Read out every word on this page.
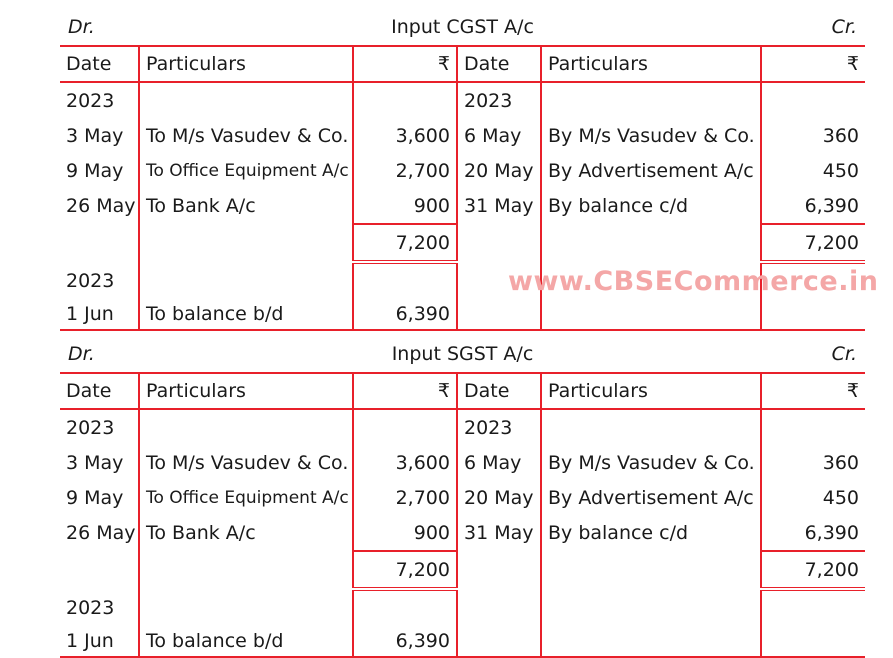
Dr.	Input CGST A/c	Cr.
Date	Particulars	₹	Date	Particulars	₹
2023			2023		
3 May	To M/s Vasudev & Co.	3,600	6 May	By M/s Vasudev & Co.	360
9 May	To Office Equipment A/c	2,700	20 May	By Advertisement A/c	450
26 May	To Bank A/c	900	31 May	By balance c/d	6,390
		7,200			7,200
2023					
1 Jun	To balance b/d	6,390			
Dr.	Input SGST A/c	Cr.
Date	Particulars	₹	Date	Particulars	₹
2023			2023		
3 May	To M/s Vasudev & Co.	3,600	6 May	By M/s Vasudev & Co.	360
9 May	To Office Equipment A/c	2,700	20 May	By Advertisement A/c	450
26 May	To Bank A/c	900	31 May	By balance c/d	6,390
		7,200			7,200
2023					
1 Jun	To balance b/d	6,390			
www.CBSECommerce.in
